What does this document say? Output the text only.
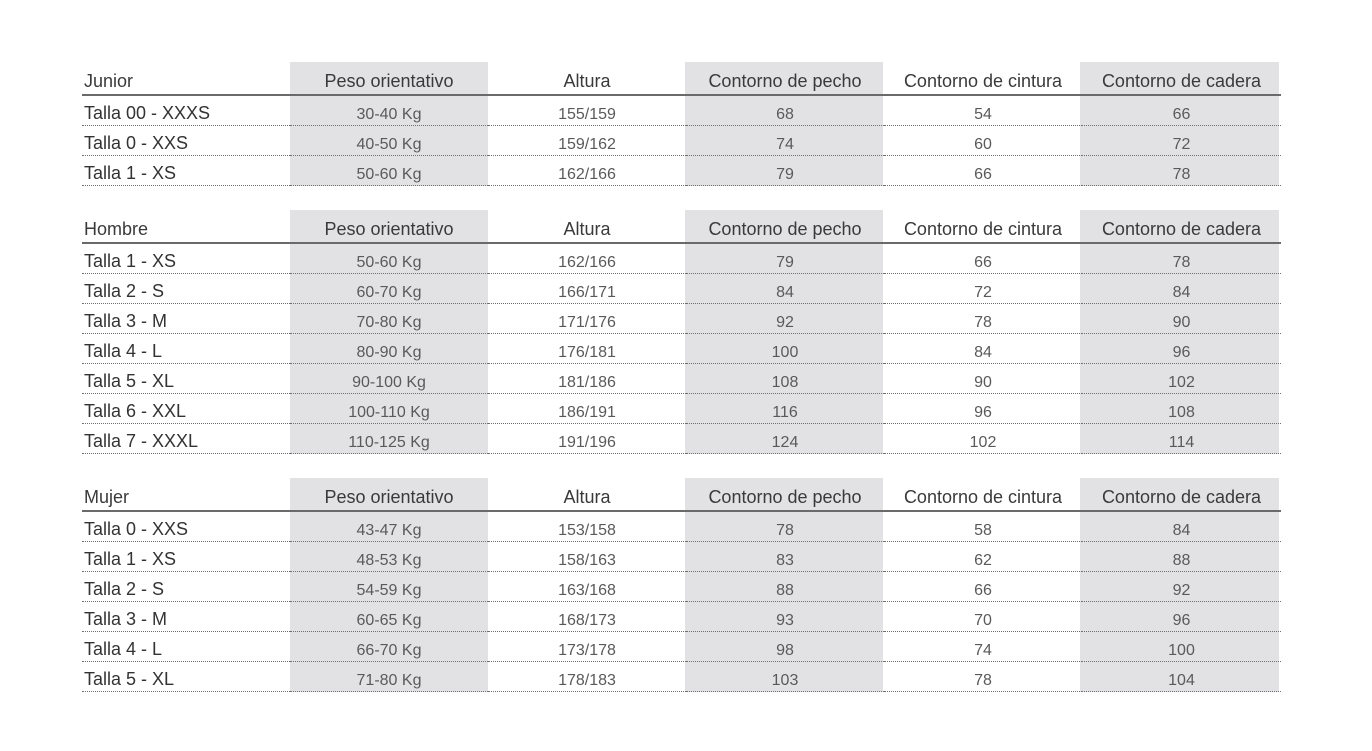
Junior	Peso orientativo	Altura	Contorno de pecho	Contorno de cintura	Contorno de cadera
Talla 00 - XXXS	30-40 Kg	155/159	68	54	66
Talla 0 - XXS	40-50 Kg	159/162	74	60	72
Talla 1 - XS	50-60 Kg	162/166	79	66	78
Hombre	Peso orientativo	Altura	Contorno de pecho	Contorno de cintura	Contorno de cadera
Talla 1 - XS	50-60 Kg	162/166	79	66	78
Talla 2 - S	60-70 Kg	166/171	84	72	84
Talla 3 - M	70-80 Kg	171/176	92	78	90
Talla 4 - L	80-90 Kg	176/181	100	84	96
Talla 5 - XL	90-100 Kg	181/186	108	90	102
Talla 6 - XXL	100-110 Kg	186/191	116	96	108
Talla 7 - XXXL	110-125 Kg	191/196	124	102	114
Mujer	Peso orientativo	Altura	Contorno de pecho	Contorno de cintura	Contorno de cadera
Talla 0 - XXS	43-47 Kg	153/158	78	58	84
Talla 1 - XS	48-53 Kg	158/163	83	62	88
Talla 2 - S	54-59 Kg	163/168	88	66	92
Talla 3 - M	60-65 Kg	168/173	93	70	96
Talla 4 - L	66-70 Kg	173/178	98	74	100
Talla 5 - XL	71-80 Kg	178/183	103	78	104
